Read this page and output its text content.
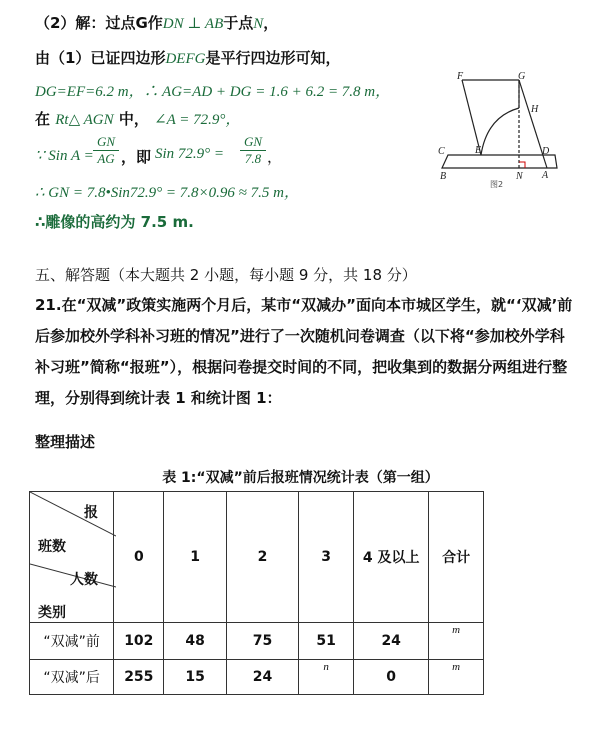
（2）解：过点G作DN ⊥ AB于点N，
由（1）已证四边形DEFG是平行四边形可知，
DG=EF=6.2 m，∴ AG=AD + DG = 1.6 + 6.2 = 7.8 m，
在 Rt△ AGN 中， ∠A = 72.9°，
∵ Sin $A = \frac{GN}{AG}$ ，即 Sin $72.9^\circ = \frac{GN}{7.8}$ ，
∴ GN = 7.8•Sin72.9° = 7.8×0.96 ≈ 7.5 m，
∴雕像的高约为 7.5 m.
F	G
H
C	E	D
B	N A
图2
五、解答题（本大题共 2 小题，每小题 9 分，共 18 分）
21.在“双减”政策实施两个月后，某市“双减办”面向本市城区学生，就“‘双减’前后参加校外学科补习班的情况”进行了一次随机问卷调查（以下将“参加校外学科补习班”简称“报班”），根据问卷提交时间的不同，把收集到的数据分两组进行整理，分别得到统计表 1 和统计图 1：
整理描述
表 1:“双减”前后报班情况统计表（第一组）
报
班数
人数
类别	0	1	2	3	4 及以上	合计
“双减”前	102	48	75	51	24	m
“双减”后	255	15	24	n	0	m
